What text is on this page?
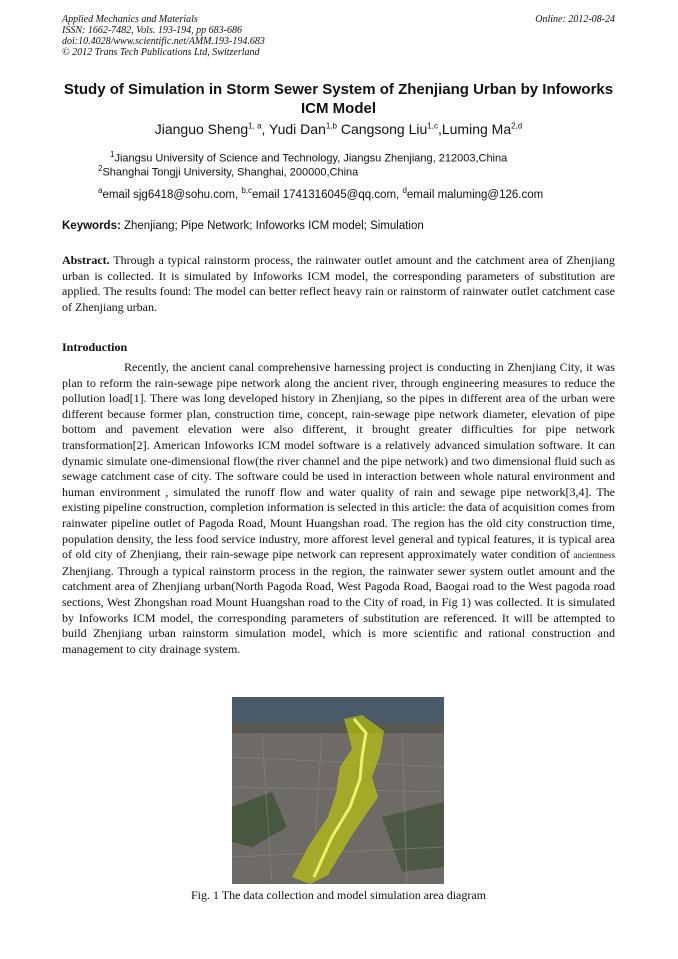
Applied Mechanics and Materials
ISSN: 1662-7482, Vols. 193-194, pp 683-686
doi:10.4028/www.scientific.net/AMM.193-194.683
© 2012 Trans Tech Publications Ltd, Switzerland
Online: 2012-08-24
Study of Simulation in Storm Sewer System of Zhenjiang Urban by Infoworks ICM Model
Jianguo Sheng$^{1, a}$, Yudi Dan$^{1,b}$ Cangsong Liu$^{1,c}$,Luming Ma$^{2,d}$
$^1$Jiangsu University of Science and Technology, Jiangsu Zhenjiang, 212003,China
$^2$Shanghai Tongji University, Shanghai, 200000,China
$^a$email sjg6418@sohu.com, $^{b,c}$email 1741316045@qq.com, $^d$email maluming@126.com
Keywords: Zhenjiang; Pipe Network; Infoworks ICM model; Simulation
Abstract. Through a typical rainstorm process, the rainwater outlet amount and the catchment area of Zhenjiang urban is collected. It is simulated by Infoworks ICM model, the corresponding parameters of substitution are applied. The results found: The model can better reflect heavy rain or rainstorm of rainwater outlet catchment case of Zhenjiang urban.
Introduction
Recently, the ancient canal comprehensive harnessing project is conducting in Zhenjiang City, it was plan to reform the rain-sewage pipe network along the ancient river, through engineering measures to reduce the pollution load[1]. There was long developed history in Zhenjiang, so the pipes in different area of the urban were different because former plan, construction time, concept, rain-sewage pipe network diameter, elevation of pipe bottom and pavement elevation were also different, it brought greater difficulties for pipe network transformation[2]. American Infoworks ICM model software is a relatively advanced simulation software. It can dynamic simulate one-dimensional flow(the river channel and the pipe network) and two dimensional fluid such as sewage catchment case of city. The software could be used in interaction between whole natural environment and human environment , simulated the runoff flow and water quality of rain and sewage pipe network[3,4]. The existing pipeline construction, completion information is selected in this article: the data of acquisition comes from rainwater pipeline outlet of Pagoda Road, Mount Huangshan road. The region has the old city construction time, population density, the less food service industry, more afforest level general and typical features, it is typical area of old city of Zhenjiang, their rain-sewage pipe network can represent approximately water condition of ancientness Zhenjiang. Through a typical rainstorm process in the region, the rainwater sewer system outlet amount and the catchment area of Zhenjiang urban(North Pagoda Road, West Pagoda Road, Baogai road to the West pagoda road sections, West Zhongshan road Mount Huangshan road to the City of road, in Fig 1) was collected. It is simulated by Infoworks ICM model, the corresponding parameters of substitution are referenced. It will be attempted to build Zhenjiang urban rainstorm simulation model, which is more scientific and rational construction and management to city drainage system.
Fig. 1 The data collection and model simulation area diagram
